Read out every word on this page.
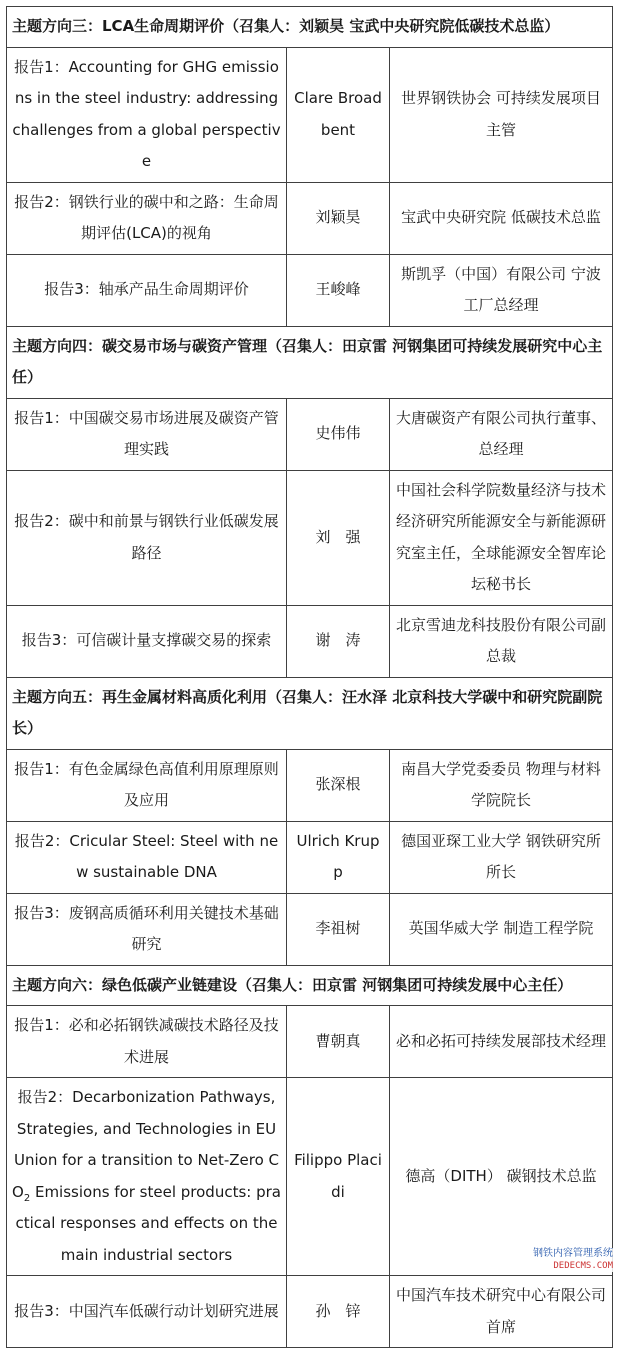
主题方向三：LCA生命周期评价（召集人：刘颖昊 宝武中央研究院低碳技术总监）		
报告1：Accounting for GHG emissions in the steel industry: addressing challenges from a global perspective	Clare Broadbent	世界钢铁协会 可持续发展项目主管
报告2：钢铁行业的碳中和之路：生命周期评估(LCA)的视角	刘颖昊	宝武中央研究院 低碳技术总监
报告3：轴承产品生命周期评价	王峻峰	斯凯孚（中国）有限公司 宁波工厂总经理
主题方向四：碳交易市场与碳资产管理（召集人：田京雷 河钢集团可持续发展研究中心主任）		
报告1：中国碳交易市场进展及碳资产管理实践	史伟伟	大唐碳资产有限公司执行董事、总经理
报告2：碳中和前景与钢铁行业低碳发展路径	刘　强	中国社会科学院数量经济与技术经济研究所能源安全与新能源研究室主任，全球能源安全智库论坛秘书长
报告3：可信碳计量支撑碳交易的探索	谢　涛	北京雪迪龙科技股份有限公司副总裁
主题方向五：再生金属材料高质化利用（召集人：汪水泽 北京科技大学碳中和研究院副院长）		
报告1：有色金属绿色高值利用原理原则及应用	张深根	南昌大学党委委员 物理与材料学院院长
报告2：Cricular Steel: Steel with new sustainable DNA	Ulrich Krupp	德国亚琛工业大学 钢铁研究所所长
报告3：废钢高质循环利用关键技术基础研究	李祖树	英国华威大学 制造工程学院
主题方向六：绿色低碳产业链建设（召集人：田京雷 河钢集团可持续发展中心主任）		
报告1：必和必拓钢铁减碳技术路径及技术进展	曹朝真	必和必拓可持续发展部技术经理
报告2：Decarbonization Pathways, Strategies, and Technologies in EU Union for a transition to Net-Zero $CO_2$ Emissions for steel products: practical responses and effects on the main industrial sectors	Filippo Placidi	德高（DITH） 碳钢技术总监
报告3：中国汽车低碳行动计划研究进展	孙　锌	中国汽车技术研究中心有限公司首席
钢铁内容管理系统
DEDECMS.COM
